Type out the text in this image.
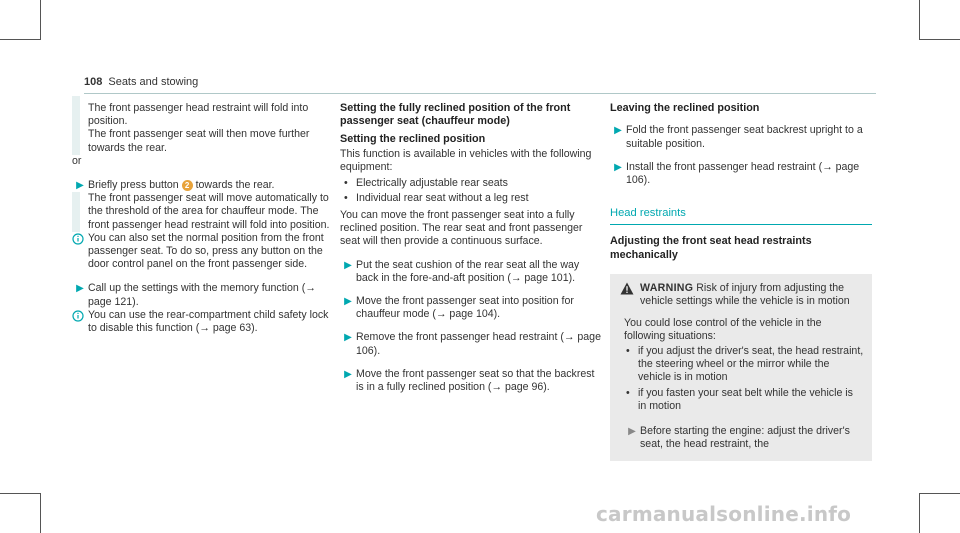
108 Seats and stowing

The front passenger head restraint will fold into position.

The front passenger seat will then move further towards the rear.

or

▶ Briefly press button 2 towards the rear.

The front passenger seat will move automatically to the threshold of the area for chauffeur mode. The front passenger head restraint will fold into position.

You can also set the normal position from the front passenger seat. To do so, press any button on the door control panel on the front passenger side.

▶ Call up the settings with the memory function (→ page 121).

You can use the rear-compartment child safety lock to disable this function (→ page 63).

Setting the fully reclined position of the front passenger seat (chauffeur mode)

Setting the reclined position

This function is available in vehicles with the following equipment:

• Electrically adjustable rear seats
• Individual rear seat without a leg rest

You can move the front passenger seat into a fully reclined position. The rear seat and front passenger seat will then provide a continuous surface.

▶ Put the seat cushion of the rear seat all the way back in the fore-and-aft position (→ page 101).

▶ Move the front passenger seat into position for chauffeur mode (→ page 104).

▶ Remove the front passenger head restraint (→ page 106).

▶ Move the front passenger seat so that the backrest is in a fully reclined position (→ page 96).

Leaving the reclined position

▶ Fold the front passenger seat backrest upright to a suitable position.

▶ Install the front passenger head restraint (→ page 106).

Head restraints

Adjusting the front seat head restraints mechanically

WARNING Risk of injury from adjusting the vehicle settings while the vehicle is in motion

You could lose control of the vehicle in the following situations:

• if you adjust the driver's seat, the head restraint, the steering wheel or the mirror while the vehicle is in motion
• if you fasten your seat belt while the vehicle is in motion
▶ Before starting the engine: adjust the driver's seat, the head restraint, the

carmanualsonline.info
